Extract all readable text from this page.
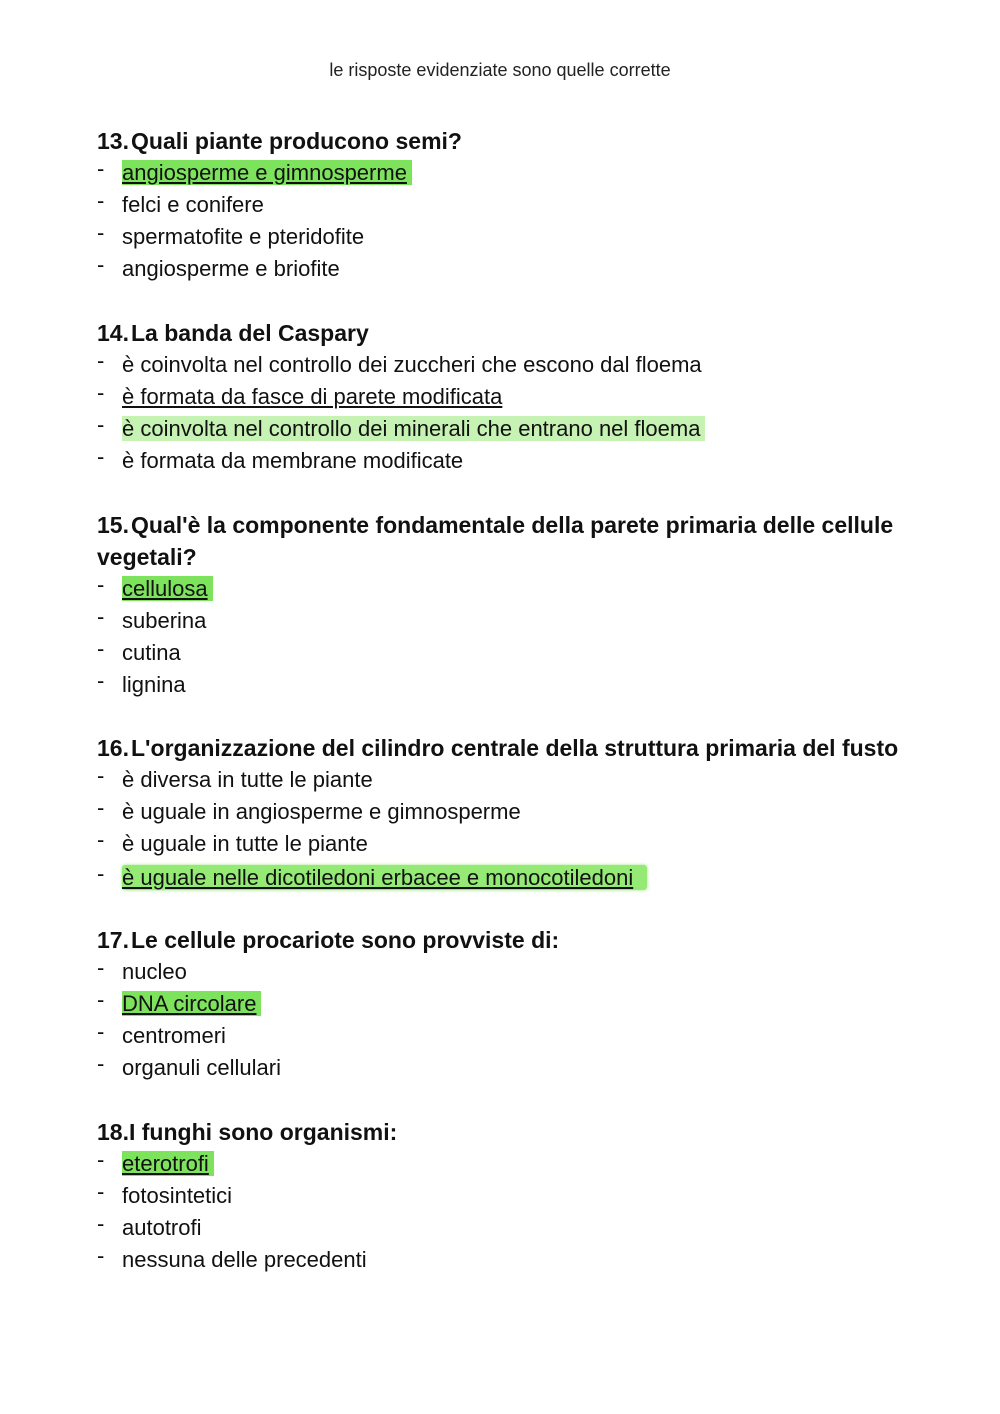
le risposte evidenziate sono quelle corrette
13. Quali piante producono semi?
- angiosperme e gimnosperme
- felci e conifere
- spermatofite e pteridofite
- angiosperme e briofite
14. La banda del Caspary
- è coinvolta nel controllo dei zuccheri che escono dal floema
- è formata da fasce di parete modificata
- è coinvolta nel controllo dei minerali che entrano nel floema
- è formata da membrane modificate
15.Qual'è la componente fondamentale della parete primaria delle cellule vegetali?
- cellulosa
- suberina
- cutina
- lignina
16. L'organizzazione del cilindro centrale della struttura primaria del fusto
- è diversa in tutte le piante
- è uguale in angiosperme e gimnosperme
- è uguale in tutte le piante
- è uguale nelle dicotiledoni erbacee e monocotiledoni
17. Le cellule procariote sono provviste di:
- nucleo
- DNA circolare
- centromeri
- organuli cellulari
18. I funghi sono organismi:
- eterotrofi
- fotosintetici
- autotrofi
- nessuna delle precedenti
